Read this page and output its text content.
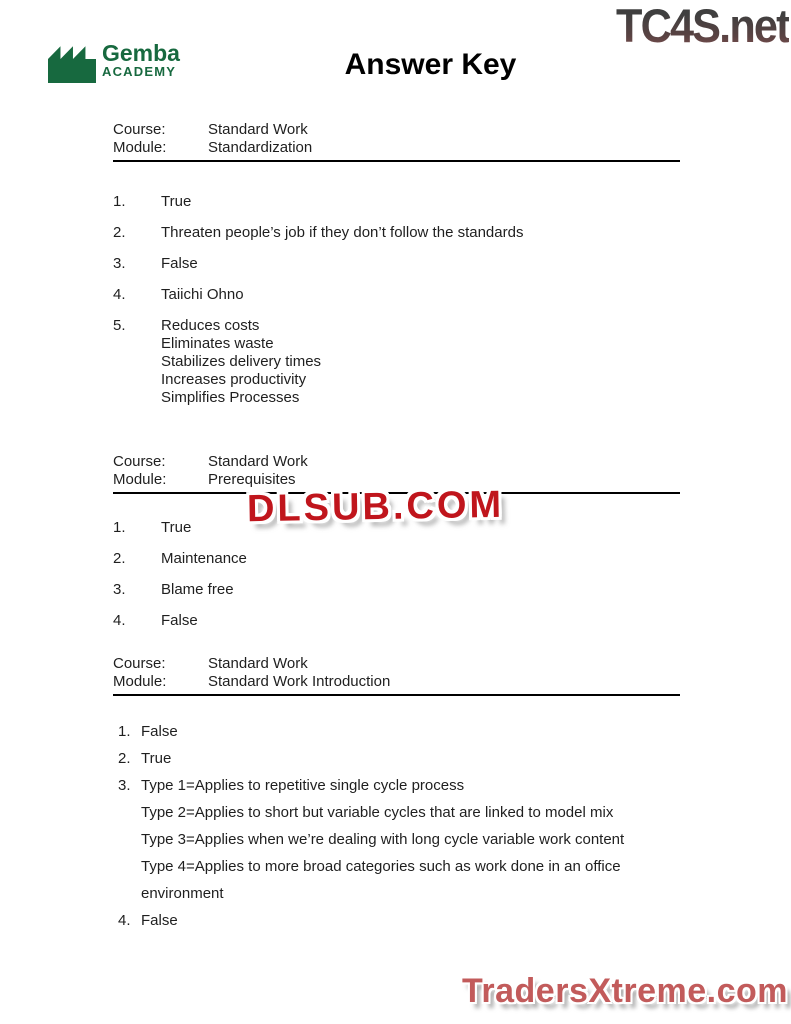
TC4S.net
Gemba
ACADEMY	Answer Key
Course:	Standard Work
Module:	Standardization
1.	True
2.	Threaten people’s job if they don’t follow the standards
3.	False
4.	Taiichi Ohno
5.	Reduces costs
Eliminates waste
Stabilizes delivery times
Increases productivity
Simplifies Processes
Course:	Standard Work
Module:	Prerequisites
DLSUB.COM
1.	True
2.	Maintenance
3.	Blame free
4.	False
Course:	Standard Work
Module:	Standard Work Introduction
1. False
2. True
3. Type 1=Applies to repetitive single cycle process
Type 2=Applies to short but variable cycles that are linked to model mix
Type 3=Applies when we’re dealing with long cycle variable work content
Type 4=Applies to more broad categories such as work done in an office
environment
4. False
TradersXtreme.com
